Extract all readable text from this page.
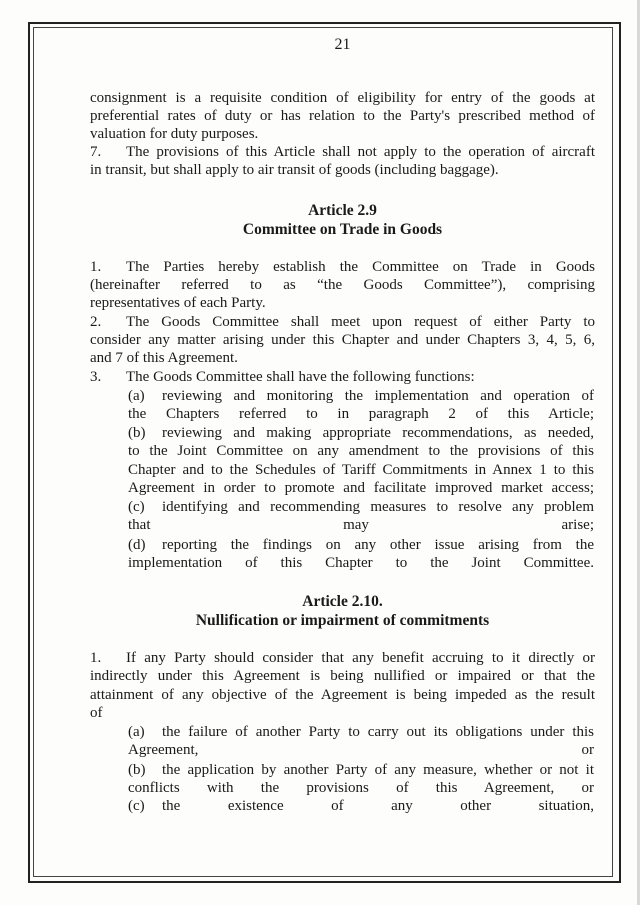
21
consignment is a requisite condition of eligibility for entry of the goods at
preferential rates of duty or has relation to the Party's prescribed method of
valuation for duty purposes.
7. The provisions of this Article shall not apply to the operation of aircraft
in transit, but shall apply to air transit of goods (including baggage).
Article 2.9
Committee on Trade in Goods
1. The Parties hereby establish the Committee on Trade in Goods
(hereinafter referred to as “the Goods Committee”), comprising
representatives of each Party.
2. The Goods Committee shall meet upon request of either Party to
consider any matter arising under this Chapter and under Chapters 3, 4, 5, 6,
and 7 of this Agreement.
3. The Goods Committee shall have the following functions:
(a) reviewing and monitoring the implementation and operation of
the Chapters referred to in paragraph 2 of this Article;
(b) reviewing and making appropriate recommendations, as needed,
to the Joint Committee on any amendment to the provisions of this
Chapter and to the Schedules of Tariff Commitments in Annex 1 to this
Agreement in order to promote and facilitate improved market access;
(c) identifying and recommending measures to resolve any problem
that may arise;
(d) reporting the findings on any other issue arising from the
implementation of this Chapter to the Joint Committee.
Article 2.10.
Nullification or impairment of commitments
1. If any Party should consider that any benefit accruing to it directly or
indirectly under this Agreement is being nullified or impaired or that the
attainment of any objective of the Agreement is being impeded as the result
of
(a) the failure of another Party to carry out its obligations under this
Agreement, or
(b) the application by another Party of any measure, whether or not it
conflicts with the provisions of this Agreement, or
(c) the existence of any other situation,
